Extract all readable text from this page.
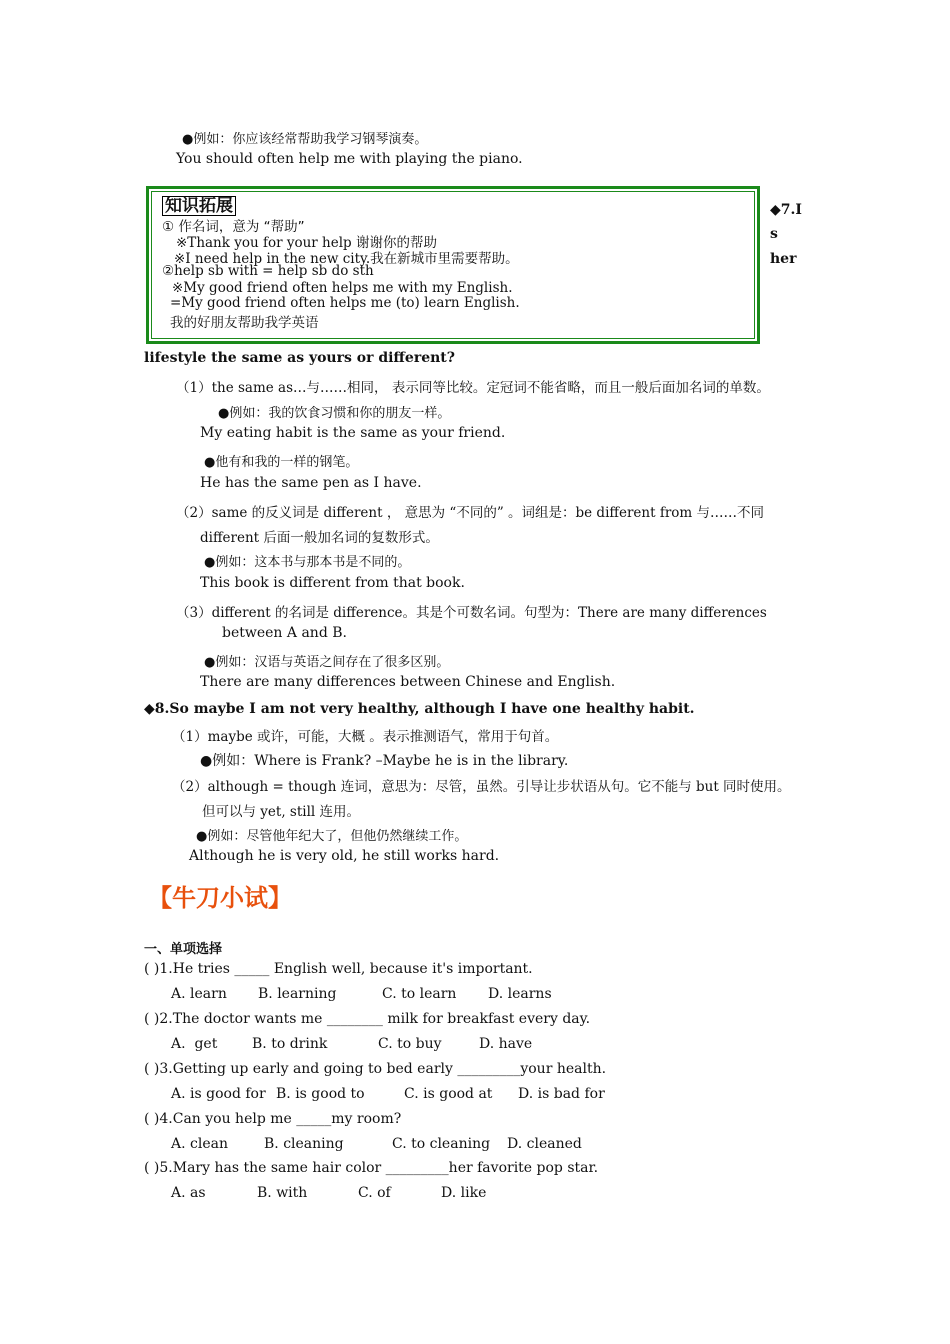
●例如：你应该经常帮助我学习钢琴演奏。
You should often help me with playing the piano.
知识拓展
① 作名词，意为 “帮助”
※Thank you for your help 谢谢你的帮助
※I need help in the new city.我在新城市里需要帮助。
②help sb with = help sb do sth
※My good friend often helps me with my English.
=My good friend often helps me (to) learn English.
我的好朋友帮助我学英语
◆7.I
s
her
lifestyle the same as yours or different?
（1）the same as…与……相同， 表示同等比较。定冠词不能省略，而且一般后面加名词的单数。
●例如：我的饮食习惯和你的朋友一样。
My eating habit is the same as your friend.
●他有和我的一样的钢笔。
He has the same pen as I have.
（2）same 的反义词是 different ， 意思为 “不同的” 。词组是：be different from 与……不同
different 后面一般加名词的复数形式。
●例如：这本书与那本书是不同的。
This book is different from that book.
（3）different 的名词是 difference。其是个可数名词。句型为：There are many differences
between A and B.
●例如：汉语与英语之间存在了很多区别。
There are many differences between Chinese and English.
◆8.So maybe I am not very healthy, although I have one healthy habit.
（1）maybe 或许，可能，大概 。表示推测语气，常用于句首。
●例如：Where is Frank? –Maybe he is in the library.
（2）although = though 连词，意思为：尽管，虽然。引导让步状语从句。它不能与 but 同时使用。
但可以与 yet, still 连用。
●例如：尽管他年纪大了，但他仍然继续工作。
Although he is very old, he still works hard.
【牛刀小试】
一、单项选择
( )1.He tries _____ English well, because it's important.
A. learn B. learning	C. to learn D. learns
( )2.The doctor wants me ________ milk for breakfast every day.
A.  get B. to drink	C. to buy	D. have
( )3.Getting up early and going to bed early _________your health.
A. is good for B. is good to	C. is good at D. is bad for
( )4.Can you help me _____my room?
A. clean	B. cleaning	C. to cleaning D. cleaned
( )5.Mary has the same hair color _________her favorite pop star.
A. as	B. with	C. of	D. like
